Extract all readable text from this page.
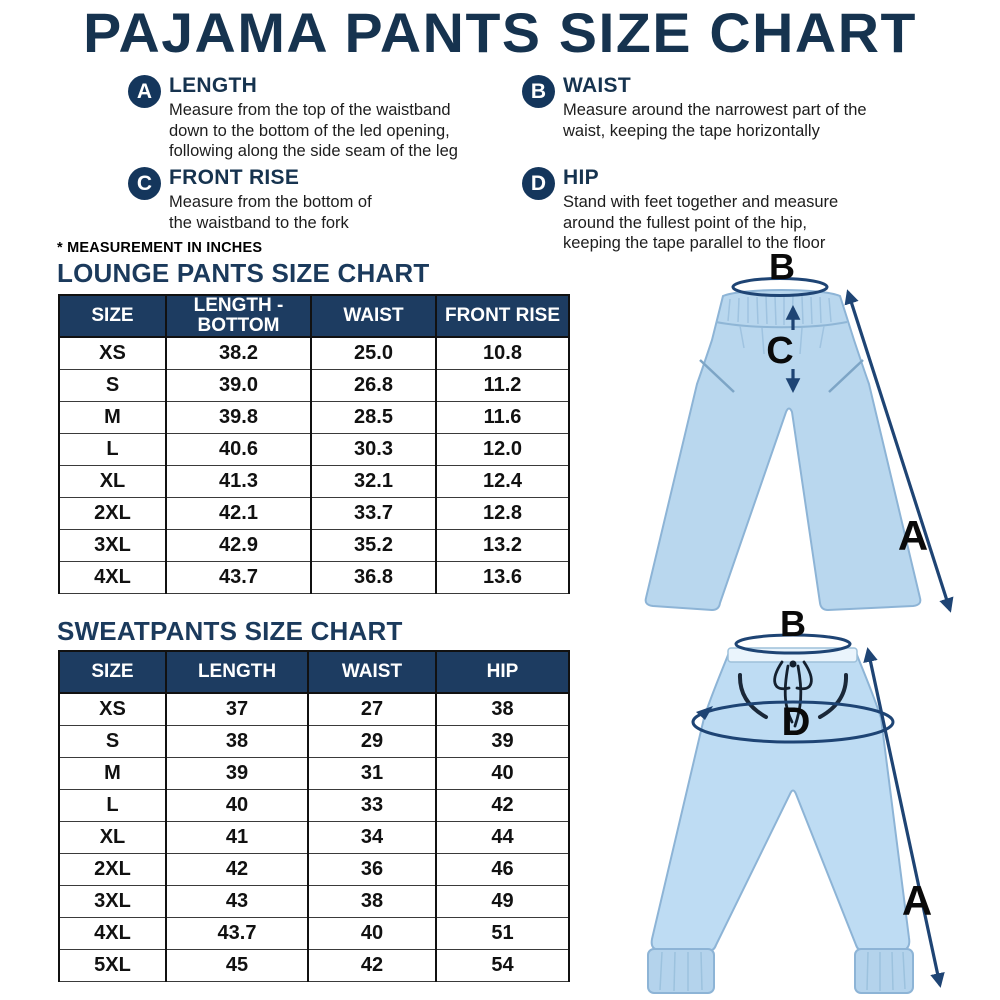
PAJAMA PANTS SIZE CHART
A LENGTH
Measure from the top of the waistband down to the bottom of the led opening, following along the side seam of the leg
B WAIST
Measure around the narrowest part of the waist, keeping the tape horizontally
C FRONT RISE
Measure from the bottom of the waistband to the fork
D HIP
Stand with feet together and measure around the fullest point of the hip, keeping the tape parallel to the floor
* MEASUREMENT IN INCHES
LOUNGE PANTS SIZE CHART
SIZE	LENGTH - BOTTOM	WAIST	FRONT RISE
XS	38.2	25.0	10.8
S	39.0	26.8	11.2
M	39.8	28.5	11.6
L	40.6	30.3	12.0
XL	41.3	32.1	12.4
2XL	42.1	33.7	12.8
3XL	42.9	35.2	13.2
4XL	43.7	36.8	13.6
SWEATPANTS SIZE CHART
SIZE	LENGTH	WAIST	HIP
XS	37	27	38
S	38	29	39
M	39	31	40
L	40	33	42
XL	41	34	44
2XL	42	36	46
3XL	43	38	49
4XL	43.7	40	51
5XL	45	42	54
B
C
A
B
D
A
